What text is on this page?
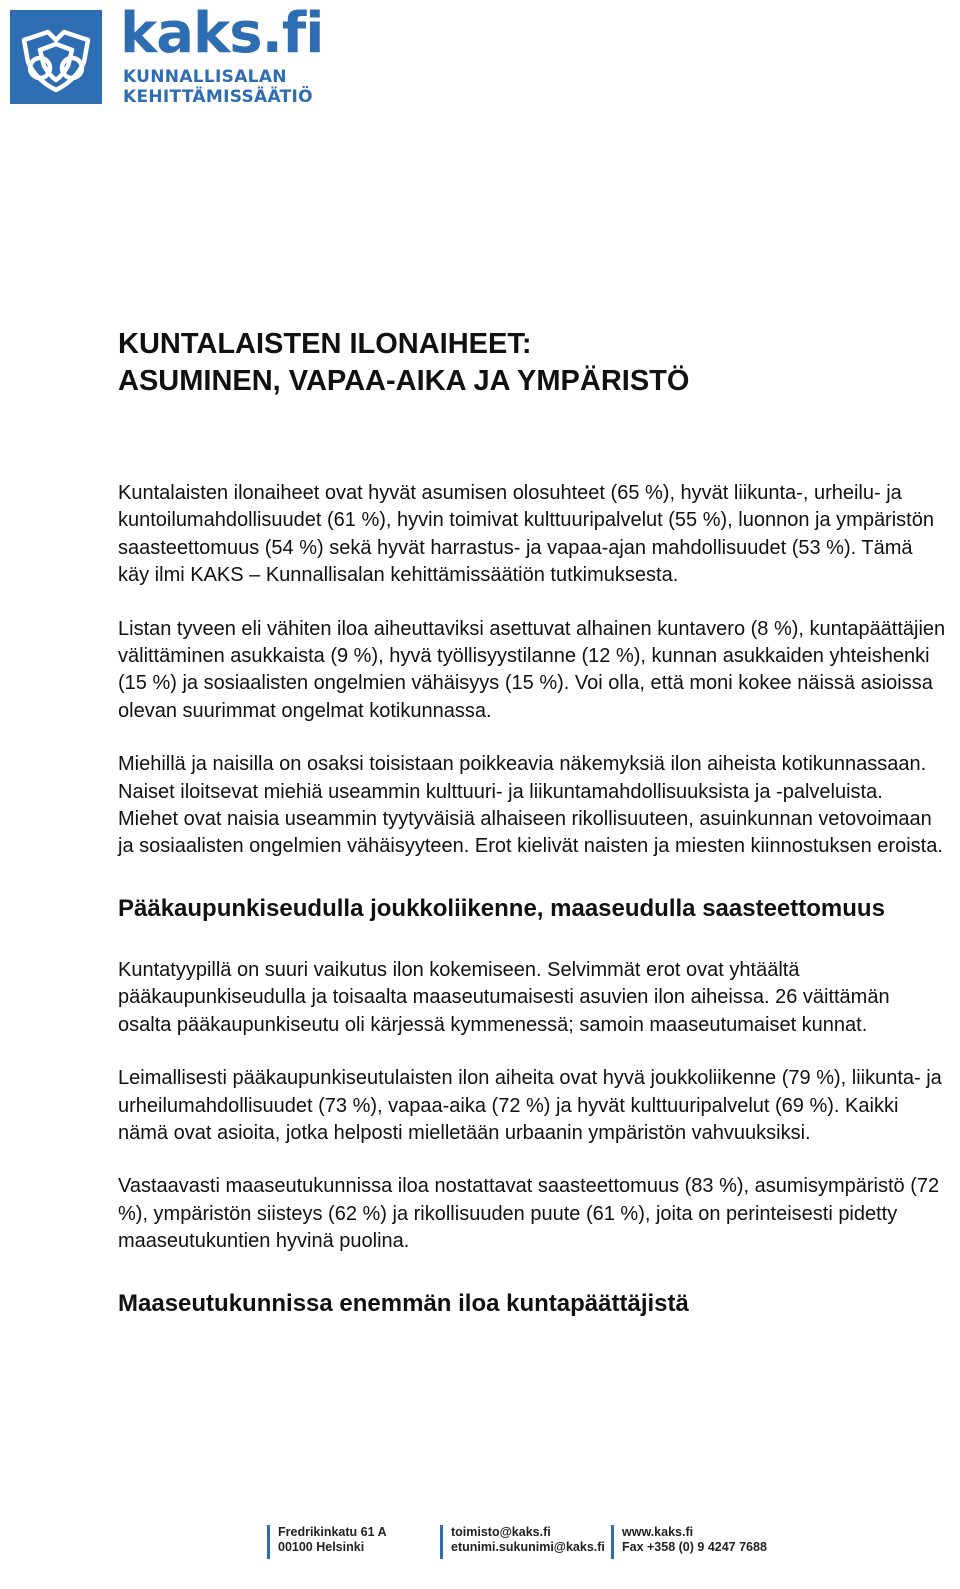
kaks.fi
KUNNALLISALAN
KEHITTÄMISSÄÄTIÖ
KUNTALAISTEN ILONAIHEET:
ASUMINEN, VAPAA-AIKA JA YMPÄRISTÖ

Kuntalaisten ilonaiheet ovat hyvät asumisen olosuhteet (65 %), hyvät liikunta-, urheilu- ja kuntoilumahdollisuudet (61 %), hyvin toimivat kulttuuripalvelut (55 %), luonnon ja ympäristön saasteettomuus (54 %) sekä hyvät harrastus- ja vapaa-ajan mahdollisuudet (53 %). Tämä käy ilmi KAKS – Kunnallisalan kehittämissäätiön tutkimuksesta.

Listan tyveen eli vähiten iloa aiheuttaviksi asettuvat alhainen kuntavero (8 %), kuntapäättäjien välittäminen asukkaista (9 %), hyvä työllisyystilanne (12 %), kunnan asukkaiden yhteishenki (15 %) ja sosiaalisten ongelmien vähäisyys (15 %). Voi olla, että moni kokee näissä asioissa olevan suurimmat ongelmat kotikunnassa.

Miehillä ja naisilla on osaksi toisistaan poikkeavia näkemyksiä ilon aiheista kotikunnassaan. Naiset iloitsevat miehiä useammin kulttuuri- ja liikuntamahdollisuuksista ja -palveluista. Miehet ovat naisia useammin tyytyväisiä alhaiseen rikollisuuteen, asuinkunnan vetovoimaan ja sosiaalisten ongelmien vähäisyyteen. Erot kielivät naisten ja miesten kiinnostuksen eroista.

Pääkaupunkiseudulla joukkoliikenne, maaseudulla saasteettomuus

Kuntatyypillä on suuri vaikutus ilon kokemiseen. Selvimmät erot ovat yhtäältä pääkaupunkiseudulla ja toisaalta maaseutumaisesti asuvien ilon aiheissa. 26 väittämän osalta pääkaupunkiseutu oli kärjessä kymmenessä; samoin maaseutumaiset kunnat.

Leimallisesti pääkaupunkiseutulaisten ilon aiheita ovat hyvä joukkoliikenne (79 %), liikunta- ja urheilumahdollisuudet (73 %), vapaa-aika (72 %) ja hyvät kulttuuripalvelut (69 %). Kaikki nämä ovat asioita, jotka helposti mielletään urbaanin ympäristön vahvuuksiksi.

Vastaavasti maaseutukunnissa iloa nostattavat saasteettomuus (83 %), asumisympäristö (72 %), ympäristön siisteys (62 %) ja rikollisuuden puute (61 %), joita on perinteisesti pidetty maaseutukuntien hyvinä puolina.

Maaseutukunnissa enemmän iloa kuntapäättäjistä
Fredrikinkatu 61 A
00100 Helsinki
toimisto@kaks.fi
etunimi.sukunimi@kaks.fi
www.kaks.fi
Fax +358 (0) 9 4247 7688
